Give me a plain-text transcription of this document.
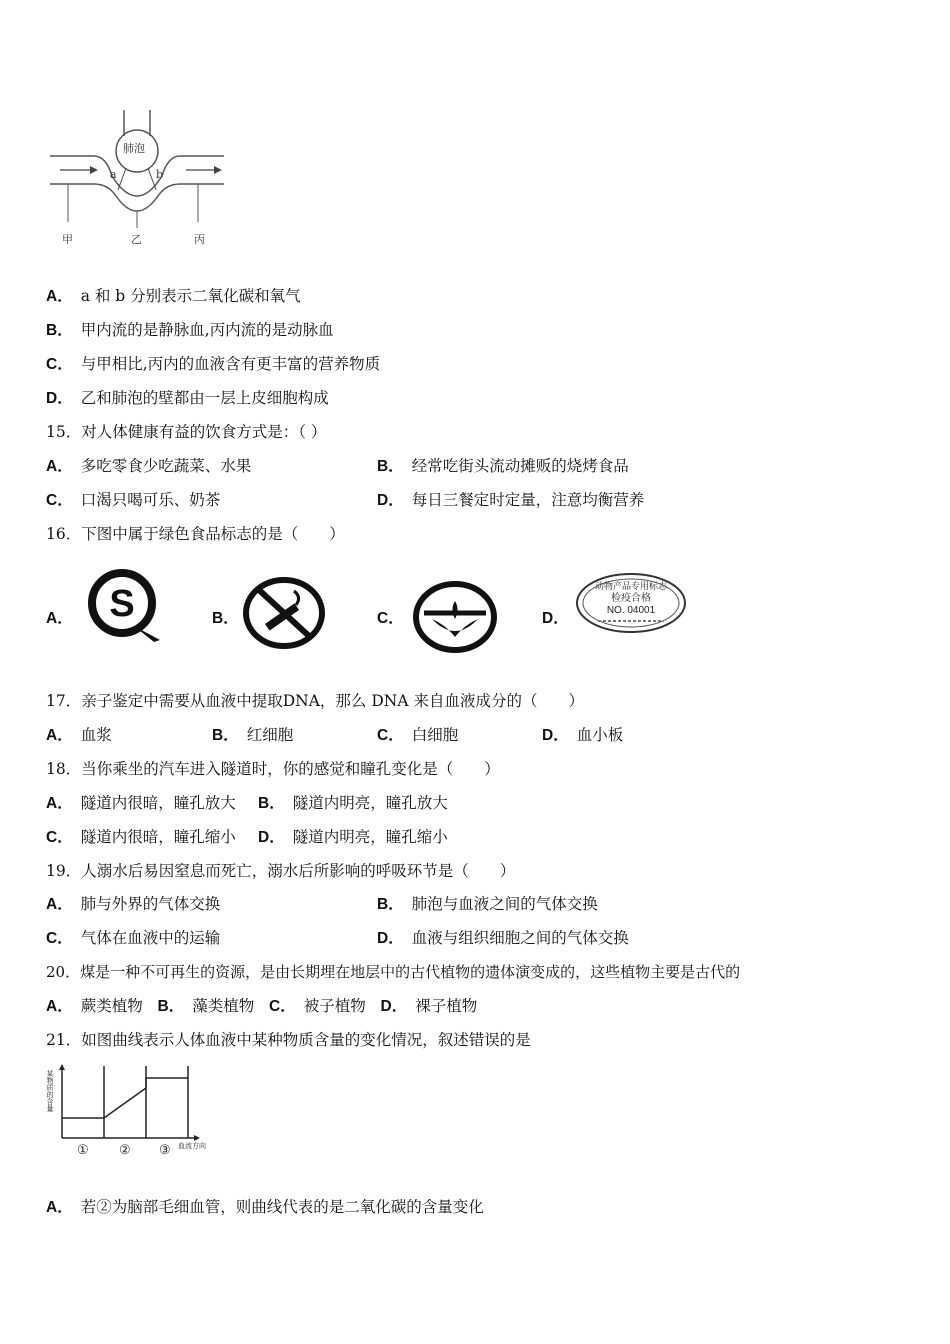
肺泡
a	b
甲	乙	丙
A． a 和 b 分别表示二氧化碳和氧气
B． 甲内流的是静脉血,丙内流的是动脉血
C． 与甲相比,丙内的血液含有更丰富的营养物质
D． 乙和肺泡的壁都由一层上皮细胞构成
15．对人体健康有益的饮食方式是：（ ）
A． 多吃零食少吃蔬菜、水果	B． 经常吃街头流动摊贩的烧烤食品
C． 口渴只喝可乐、奶茶	D． 每日三餐定时定量，注意均衡营养
16．下图中属于绿色食品标志的是（　　）
A． S	B．	C．	D．
动物产品专用标志
检疫合格
NO. 04001
17．亲子鉴定中需要从血液中提取DNA，那么 DNA 来自血液成分的（　　）
A． 血浆	B． 红细胞	C． 白细胞	D． 血小板
18．当你乘坐的汽车进入隧道时，你的感觉和瞳孔变化是（　　）
A． 隧道内很暗，瞳孔放大 B． 隧道内明亮，瞳孔放大
C． 隧道内很暗，瞳孔缩小 D． 隧道内明亮，瞳孔缩小
19．人溺水后易因窒息而死亡，溺水后所影响的呼吸环节是（　　）
A． 肺与外界的气体交换	B． 肺泡与血液之间的气体交换
C． 气体在血液中的运输	D． 血液与组织细胞之间的气体交换
20．煤是一种不可再生的资源，是由长期埋在地层中的古代植物的遗体演变成的，这些植物主要是古代的
A． 蕨类植物 B． 藻类植物 C． 被子植物 D． 裸子植物
21．如图曲线表示人体血液中某种物质含量的变化情况，叙述错误的是
某物质的含量
① ② ③ 血流方向
A． 若②为脑部毛细血管，则曲线代表的是二氧化碳的含量变化
